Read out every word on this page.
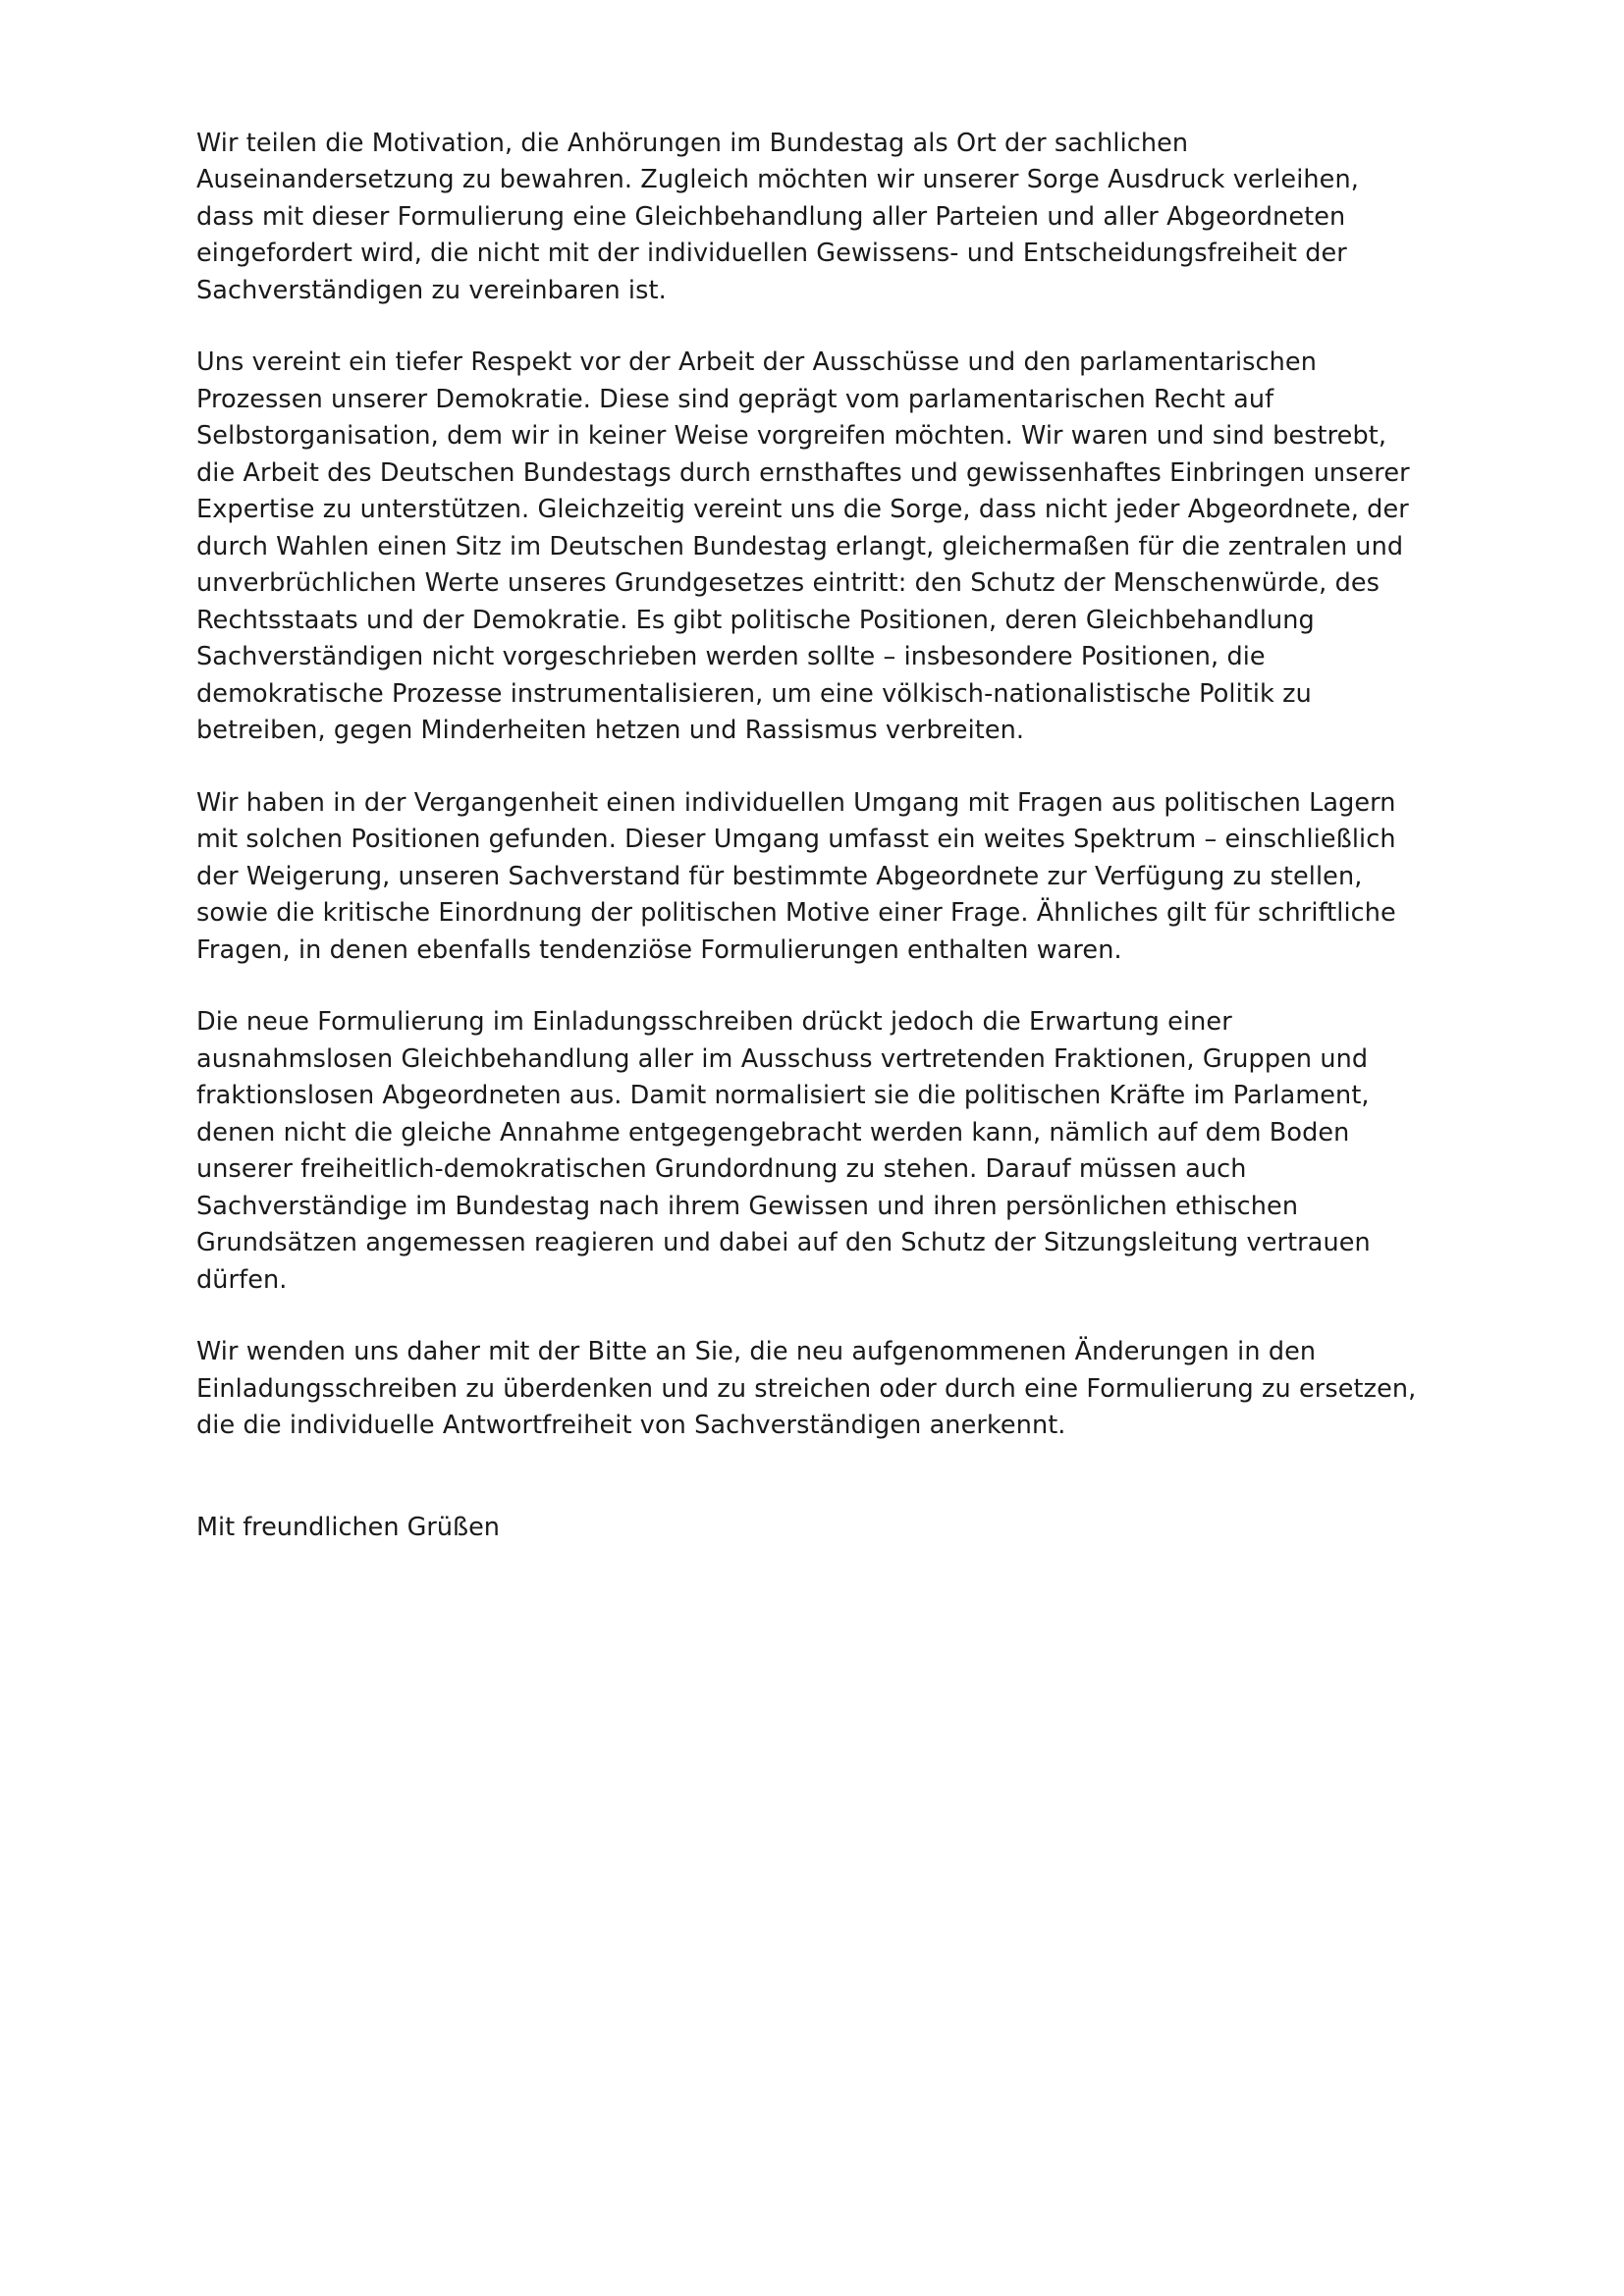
Wir teilen die Motivation, die Anhörungen im Bundestag als Ort der sachlichen Auseinandersetzung zu bewahren. Zugleich möchten wir unserer Sorge Ausdruck verleihen, dass mit dieser Formulierung eine Gleichbehandlung aller Parteien und aller Abgeordneten eingefordert wird, die nicht mit der individuellen Gewissens- und Entscheidungsfreiheit der Sachverständigen zu vereinbaren ist.

Uns vereint ein tiefer Respekt vor der Arbeit der Ausschüsse und den parlamentarischen Prozessen unserer Demokratie. Diese sind geprägt vom parlamentarischen Recht auf Selbstorganisation, dem wir in keiner Weise vorgreifen möchten. Wir waren und sind bestrebt, die Arbeit des Deutschen Bundestags durch ernsthaftes und gewissenhaftes Einbringen unserer Expertise zu unterstützen. Gleichzeitig vereint uns die Sorge, dass nicht jeder Abgeordnete, der durch Wahlen einen Sitz im Deutschen Bundestag erlangt, gleichermaßen für die zentralen und unverbrüchlichen Werte unseres Grundgesetzes eintritt: den Schutz der Menschenwürde, des Rechtsstaats und der Demokratie. Es gibt politische Positionen, deren Gleichbehandlung Sachverständigen nicht vorgeschrieben werden sollte – insbesondere Positionen, die demokratische Prozesse instrumentalisieren, um eine völkisch-nationalistische Politik zu betreiben, gegen Minderheiten hetzen und Rassismus verbreiten.

Wir haben in der Vergangenheit einen individuellen Umgang mit Fragen aus politischen Lagern mit solchen Positionen gefunden. Dieser Umgang umfasst ein weites Spektrum – einschließlich der Weigerung, unseren Sachverstand für bestimmte Abgeordnete zur Verfügung zu stellen, sowie die kritische Einordnung der politischen Motive einer Frage. Ähnliches gilt für schriftliche Fragen, in denen ebenfalls tendenziöse Formulierungen enthalten waren.

Die neue Formulierung im Einladungsschreiben drückt jedoch die Erwartung einer ausnahmslosen Gleichbehandlung aller im Ausschuss vertretenden Fraktionen, Gruppen und fraktionslosen Abgeordneten aus. Damit normalisiert sie die politischen Kräfte im Parlament, denen nicht die gleiche Annahme entgegengebracht werden kann, nämlich auf dem Boden unserer freiheitlich-demokratischen Grundordnung zu stehen. Darauf müssen auch Sachverständige im Bundestag nach ihrem Gewissen und ihren persönlichen ethischen Grundsätzen angemessen reagieren und dabei auf den Schutz der Sitzungsleitung vertrauen dürfen.

Wir wenden uns daher mit der Bitte an Sie, die neu aufgenommenen Änderungen in den Einladungsschreiben zu überdenken und zu streichen oder durch eine Formulierung zu ersetzen, die die individuelle Antwortfreiheit von Sachverständigen anerkennt.

Mit freundlichen Grüßen
